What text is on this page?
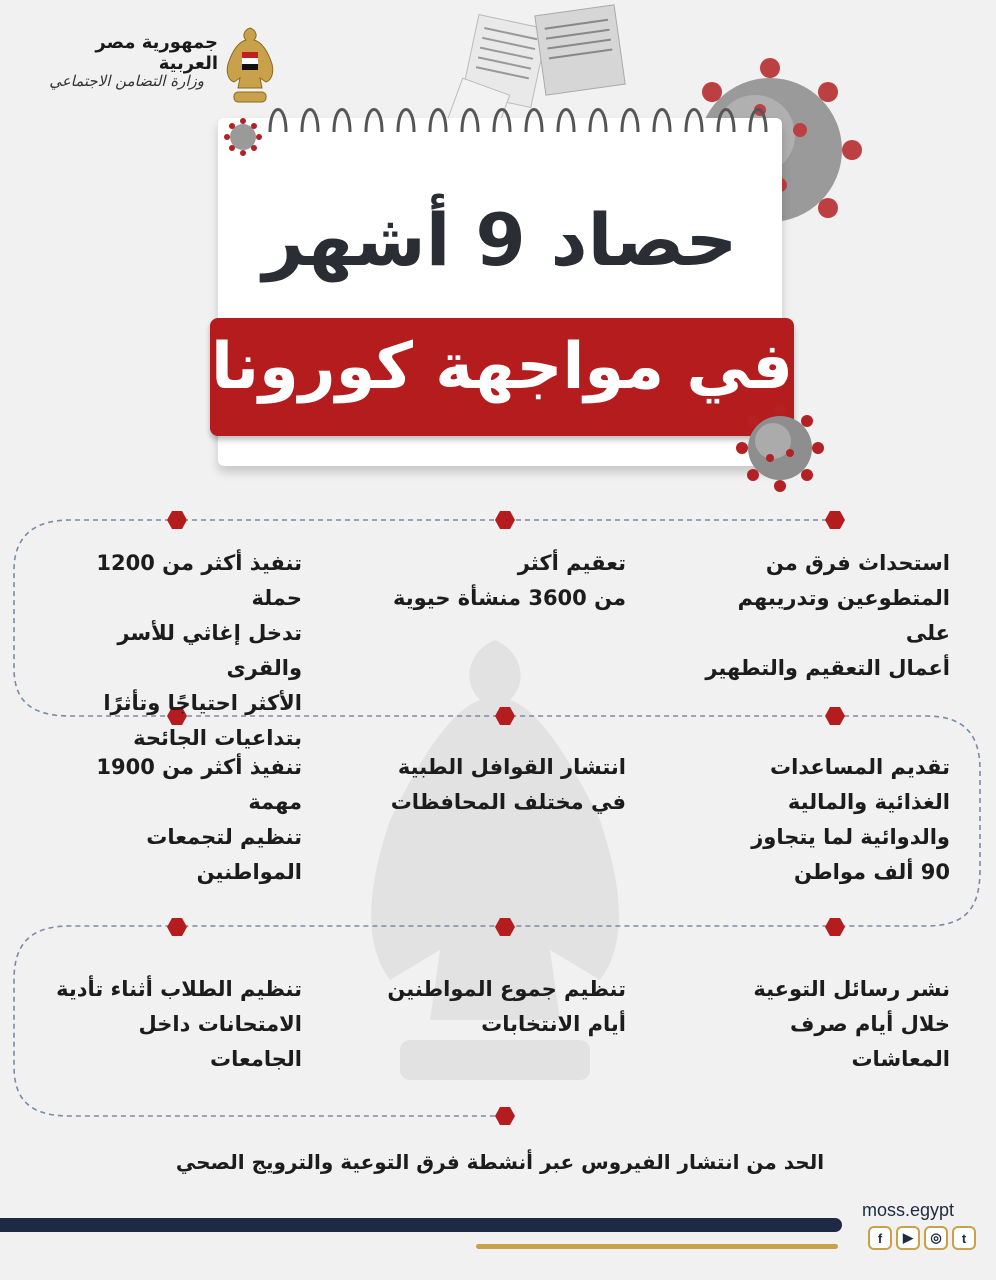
جمهورية مصر العربية
وزارة التضامن الاجتماعي
حصاد 9 أشهر
في مواجهة كورونا
استحداث فرق من
المتطوعين وتدريبهم على
أعمال التعقيم والتطهير
تعقيم أكثر
من 3600 منشأة حيوية
تنفيذ أكثر من 1200 حملة
تدخل إغاثي للأسر والقرى
الأكثر احتياجًا وتأثرًا
بتداعيات الجائحة
تقديم المساعدات
الغذائية والمالية
والدوائية لما يتجاوز
90 ألف مواطن
انتشار القوافل الطبية
في مختلف المحافظات
تنفيذ أكثر من 1900 مهمة
تنظيم لتجمعات المواطنين
نشر رسائل التوعية
خلال أيام صرف المعاشات
تنظيم جموع المواطنين
أيام الانتخابات
تنظيم الطلاب أثناء تأدية
الامتحانات داخل الجامعات
الحد من انتشار الفيروس عبر أنشطة فرق التوعية والترويج الصحي
moss.egypt
t
◎
▶
f
